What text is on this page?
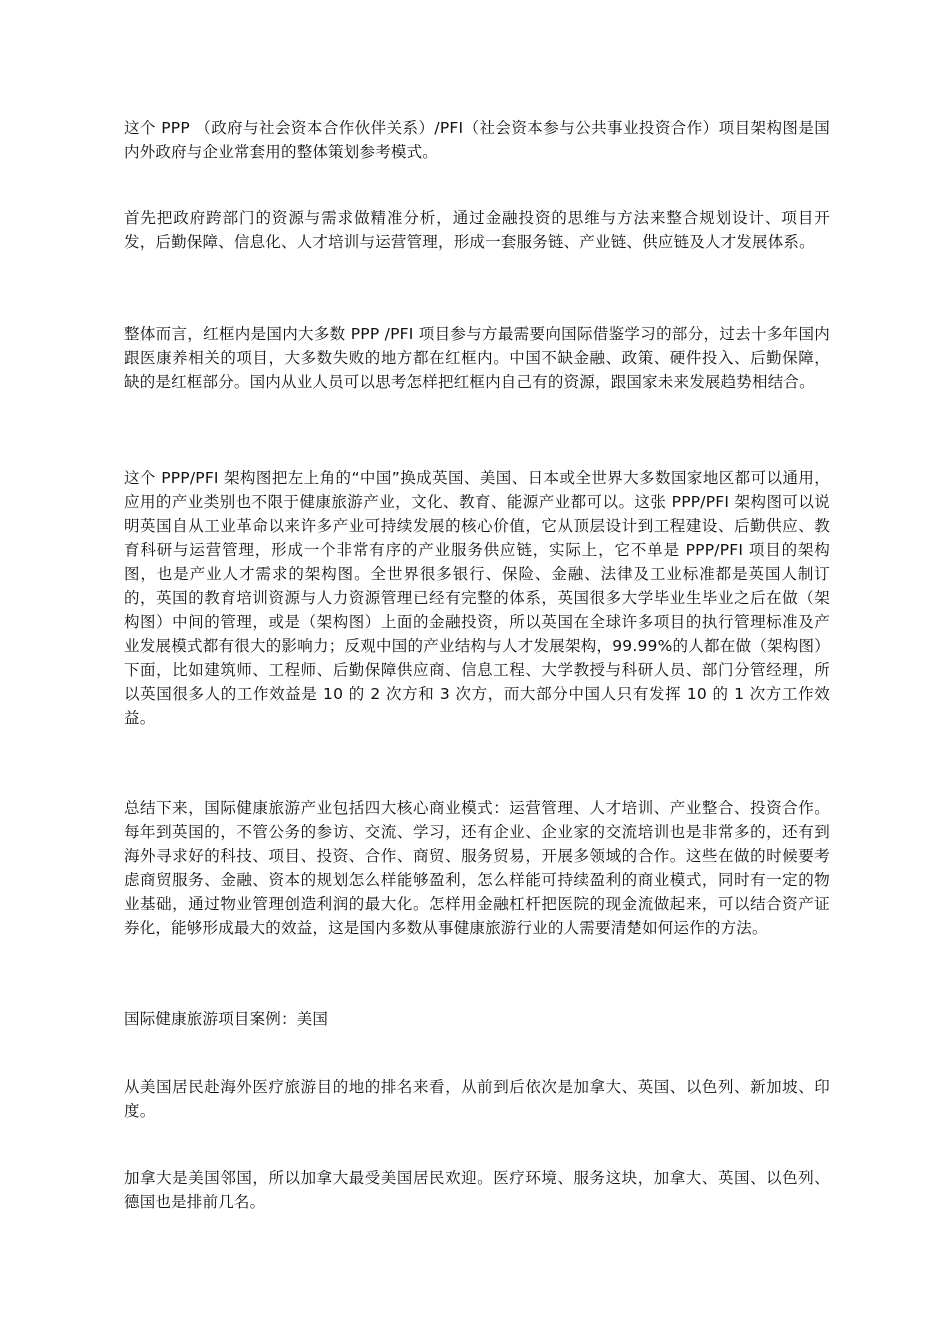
这个 PPP （政府与社会资本合作伙伴关系）/PFI（社会资本参与公共事业投资合作）项目架构图是国内外政府与企业常套用的整体策划参考模式。

首先把政府跨部门的资源与需求做精准分析，通过金融投资的思维与方法来整合规划设计、项目开发，后勤保障、信息化、人才培训与运营管理，形成一套服务链、产业链、供应链及人才发展体系。

整体而言，红框内是国内大多数 PPP /PFI 项目参与方最需要向国际借鉴学习的部分，过去十多年国内跟医康养相关的项目，大多数失败的地方都在红框内。中国不缺金融、政策、硬件投入、后勤保障，缺的是红框部分。国内从业人员可以思考怎样把红框内自己有的资源，跟国家未来发展趋势相结合。

这个 PPP/PFI 架构图把左上角的“中国”换成英国、美国、日本或全世界大多数国家地区都可以通用，应用的产业类别也不限于健康旅游产业，文化、教育、能源产业都可以。这张 PPP/PFI 架构图可以说明英国自从工业革命以来许多产业可持续发展的核心价值，它从顶层设计到工程建设、后勤供应、教育科研与运营管理，形成一个非常有序的产业服务供应链，实际上，它不单是 PPP/PFI 项目的架构图，也是产业人才需求的架构图。全世界很多银行、保险、金融、法律及工业标准都是英国人制订的，英国的教育培训资源与人力资源管理已经有完整的体系，英国很多大学毕业生毕业之后在做（架构图）中间的管理，或是（架构图）上面的金融投资，所以英国在全球许多项目的执行管理标准及产业发展模式都有很大的影响力；反观中国的产业结构与人才发展架构，99.99%的人都在做（架构图）下面，比如建筑师、工程师、后勤保障供应商、信息工程、大学教授与科研人员、部门分管经理，所以英国很多人的工作效益是 10 的 2 次方和 3 次方，而大部分中国人只有发挥 10 的 1 次方工作效益。

总结下来，国际健康旅游产业包括四大核心商业模式：运营管理、人才培训、产业整合、投资合作。每年到英国的，不管公务的参访、交流、学习，还有企业、企业家的交流培训也是非常多的，还有到海外寻求好的科技、项目、投资、合作、商贸、服务贸易，开展多领域的合作。这些在做的时候要考虑商贸服务、金融、资本的规划怎么样能够盈利，怎么样能可持续盈利的商业模式，同时有一定的物业基础，通过物业管理创造利润的最大化。怎样用金融杠杆把医院的现金流做起来，可以结合资产证券化，能够形成最大的效益，这是国内多数从事健康旅游行业的人需要清楚如何运作的方法。

国际健康旅游项目案例：美国

从美国居民赴海外医疗旅游目的地的排名来看，从前到后依次是加拿大、英国、以色列、新加坡、印度。

加拿大是美国邻国，所以加拿大最受美国居民欢迎。医疗环境、服务这块，加拿大、英国、以色列、德国也是排前几名。
